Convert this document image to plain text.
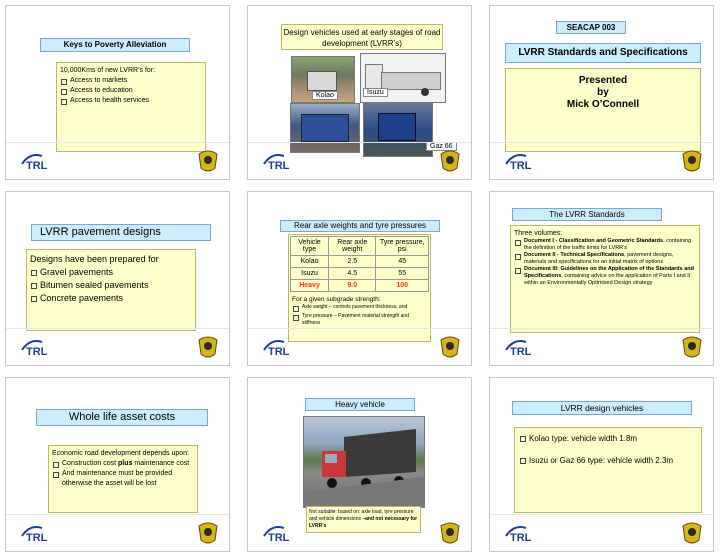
Keys to Poverty Alleviation
10,000Kms of new LVRR’s for:
Access to markets
Access to education
Access to health services
TRL
Design vehicles used at early stages of road development (LVRR’s)
Kolao	Isuzu
Gaz 66
TRL
SEACAP 003
LVRR Standards and Specifications
Presented
by
Mick O’Connell
TRL
LVRR pavement designs
Designs have been prepared for
Gravel pavements
Bitumen sealed pavements
Concrete pavements
TRL
Rear axle weights and tyre pressures
Vehicle type	Rear axle weight	Tyre pressure, psi
Kolao	2.5	45
Isuzu	4.5	55
Heavy	9.0	100
For a given subgrade strength:
Axle weight – controls pavement thickness, and
Tyre pressure – Pavement material strength and stiffness
TRL
The LVRR Standards
Three volumes:
Document I - Classification and Geometric Standards, containing the definition of the traffic limits for LVRR’s
Document II - Technical Specifications, pavement designs, materials and specifications for an initial matrix of options
Document III: Guidelines on the Application of the Standards and Specifications, containing advice on the application of Parts I and II within an Environmentally Optimised Design strategy
TRL
Whole life asset costs
Economic road development depends upon:
Construction cost plus maintenance cost
And maintenance must be provided otherwise the asset will be lost
TRL
Heavy vehicle
Not suitable: based on: axle load, tyre pressure and vehicle dimensions –and not necessary for LVRR’s
TRL
LVRR design vehicles
Kolao type: vehicle width 1.8m
Isuzu or Gaz 66 type: vehicle width 2.3m
TRL
